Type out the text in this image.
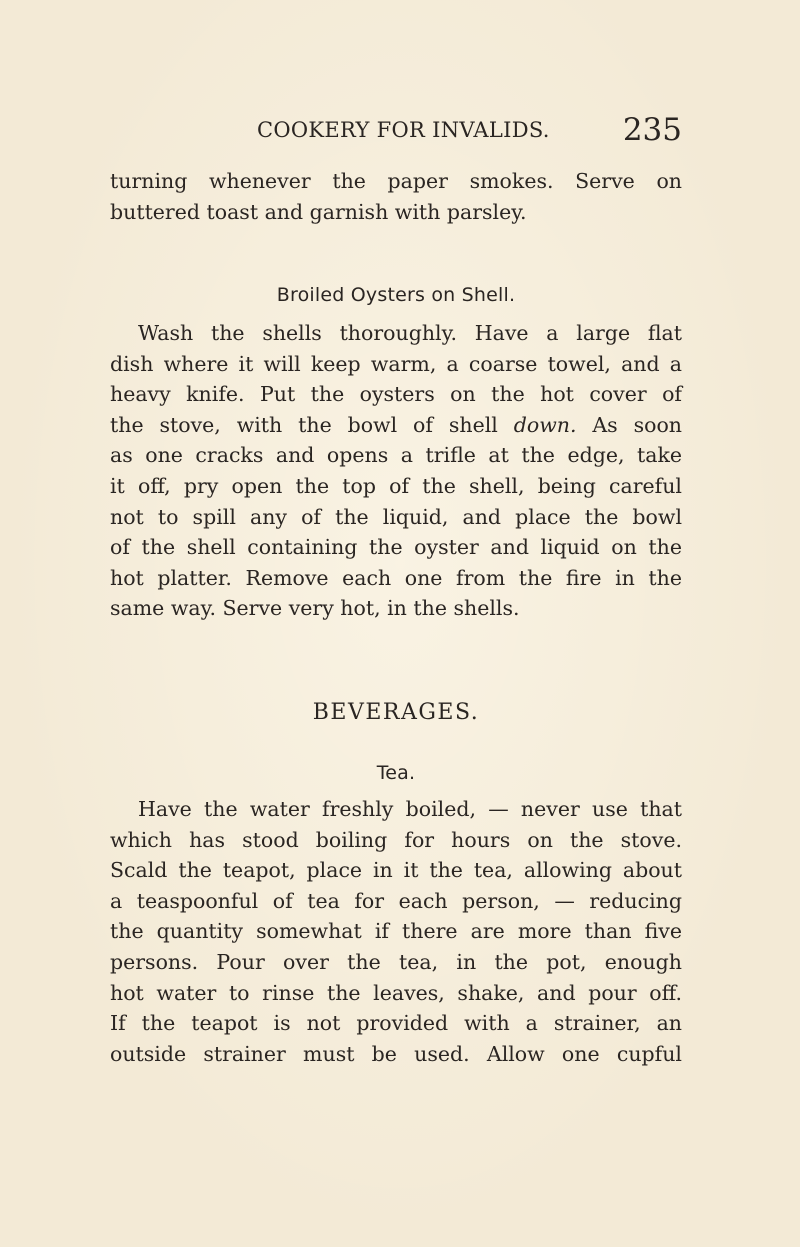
COOKERY FOR INVALIDS. 235
turning whenever the paper smokes. Serve on
buttered toast and garnish with parsley.
Broiled Oysters on Shell.
Wash the shells thoroughly. Have a large flat
dish where it will keep warm, a coarse towel, and a
heavy knife. Put the oysters on the hot cover of
the stove, with the bowl of shell down. As soon
as one cracks and opens a trifle at the edge, take
it off, pry open the top of the shell, being careful
not to spill any of the liquid, and place the bowl
of the shell containing the oyster and liquid on the
hot platter. Remove each one from the fire in the
same way. Serve very hot, in the shells.
BEVERAGES.
Tea.
Have the water freshly boiled, — never use that
which has stood boiling for hours on the stove.
Scald the teapot, place in it the tea, allowing about
a teaspoonful of tea for each person, — reducing
the quantity somewhat if there are more than five
persons. Pour over the tea, in the pot, enough
hot water to rinse the leaves, shake, and pour off.
If the teapot is not provided with a strainer, an
outside strainer must be used. Allow one cupful
